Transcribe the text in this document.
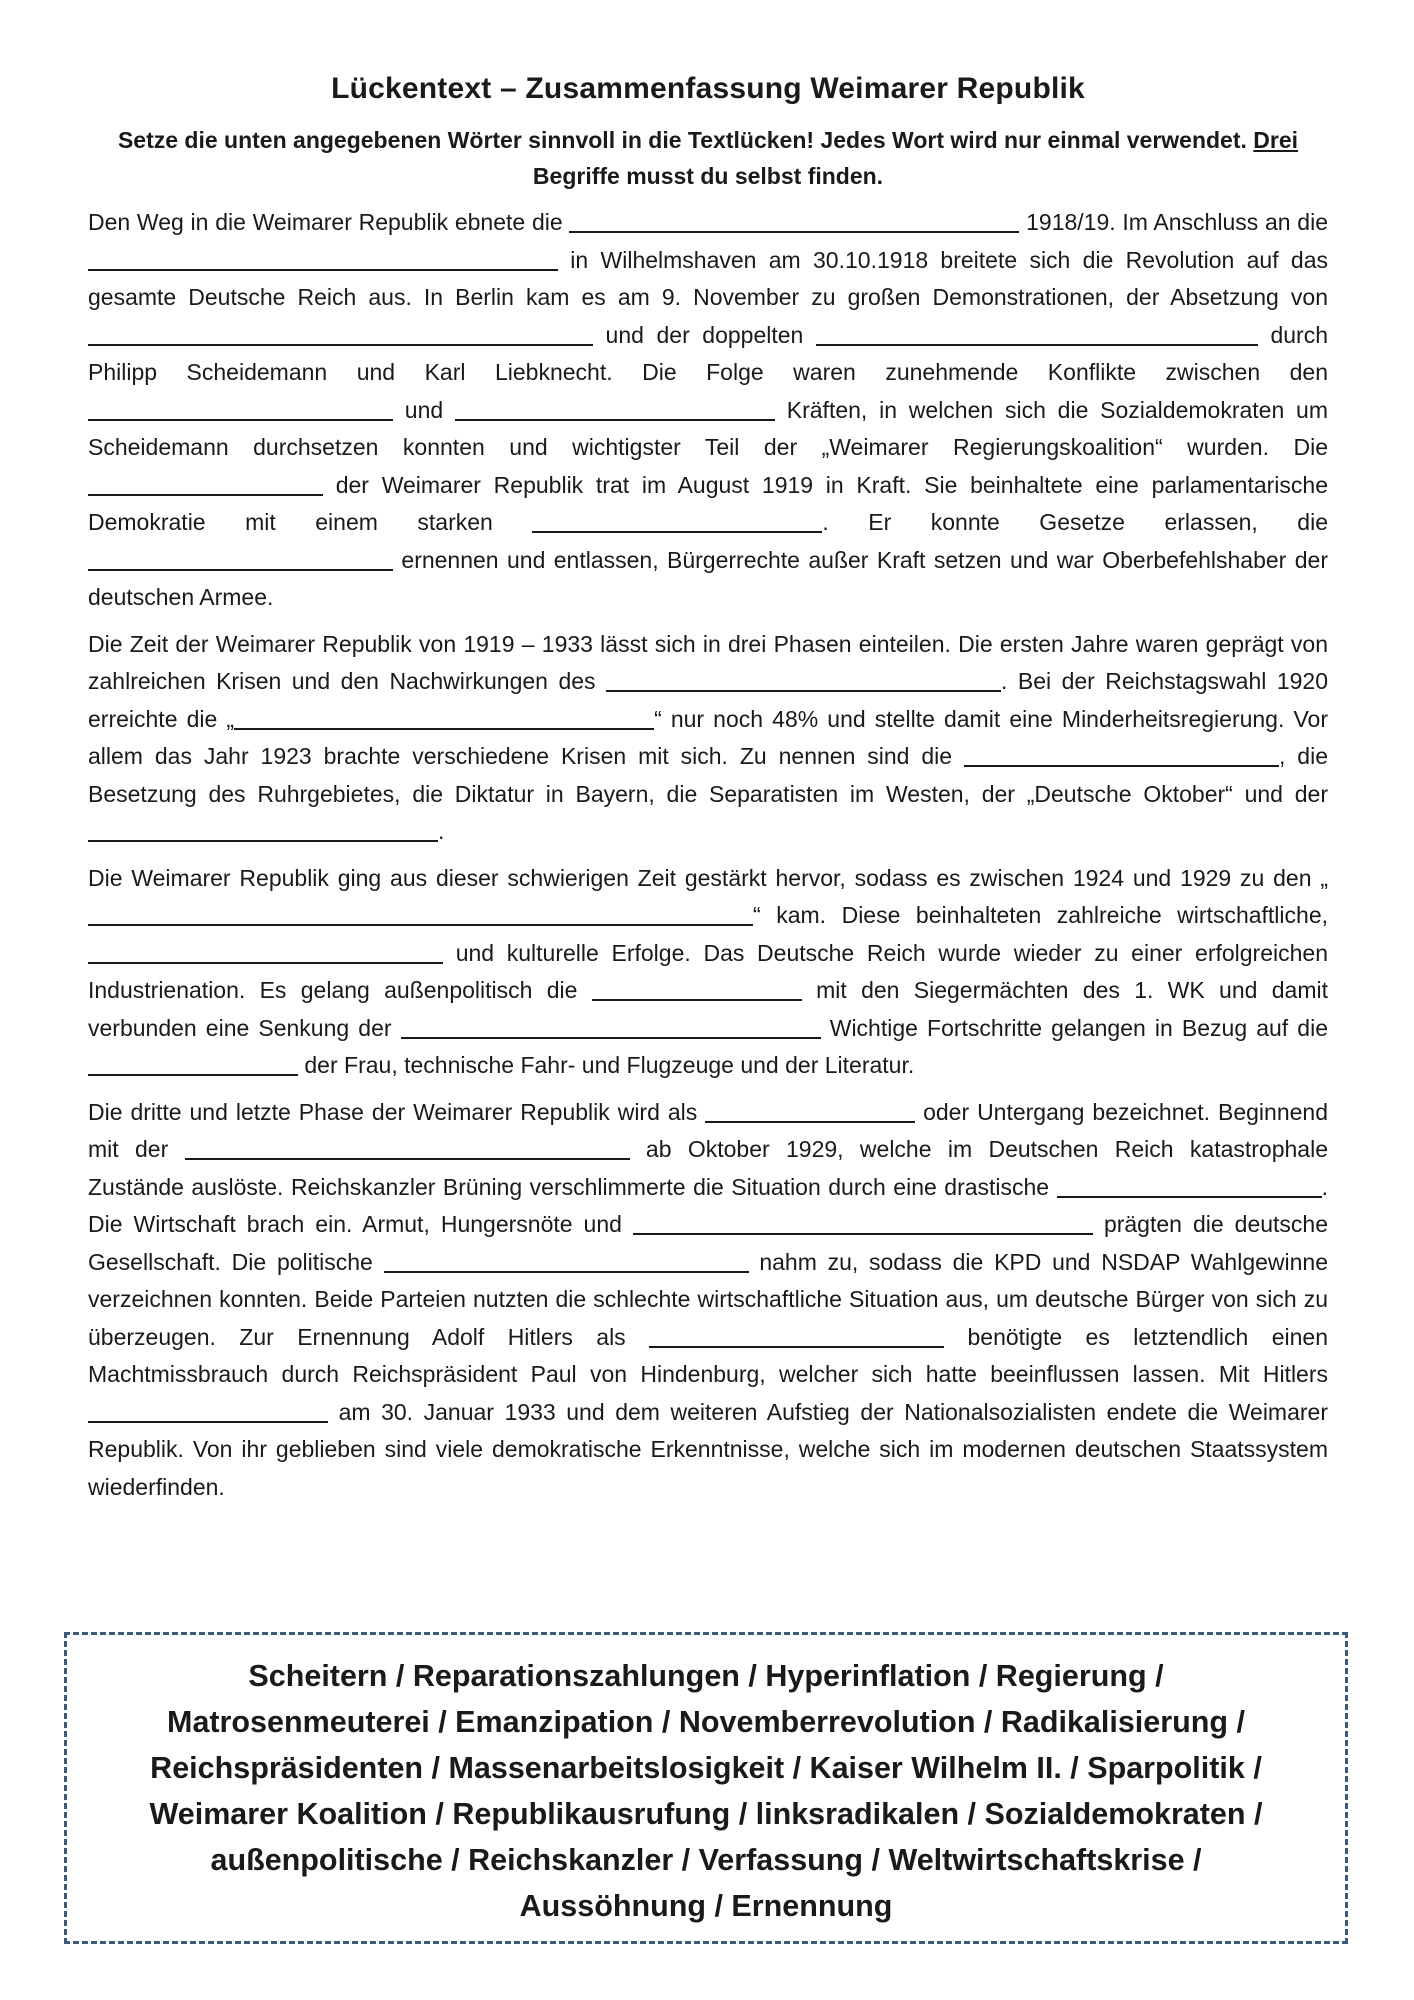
Lückentext – Zusammenfassung Weimarer Republik
Setze die unten angegebenen Wörter sinnvoll in die Textlücken! Jedes Wort wird nur einmal verwendet. Drei Begriffe musst du selbst finden.

Den Weg in die Weimarer Republik ebnete die	1918/19. Im Anschluss an die  in Wilhelmshaven am 30.10.1918 breitete sich die Revolution auf das gesamte Deutsche Reich aus. In Berlin kam es am 9. November zu großen Demonstrationen, der Absetzung von  und der doppelten	durch Philipp Scheidemann und Karl Liebknecht. Die Folge waren zunehmende Konflikte zwischen den  und	Kräften, in welchen sich die Sozialdemokraten um Scheidemann durchsetzen konnten und wichtigster Teil der „Weimarer Regierungskoalition“ wurden. Die  der Weimarer Republik trat im August 1919 in Kraft. Sie beinhaltete eine parlamentarische Demokratie mit einem starken	. Er konnte Gesetze erlassen, die  ernennen und entlassen, Bürgerrechte außer Kraft setzen und war Oberbefehlshaber der deutschen Armee.

Die Zeit der Weimarer Republik von 1919 – 1933 lässt sich in drei Phasen einteilen. Die ersten Jahre waren geprägt von zahlreichen Krisen und den Nachwirkungen des	. Bei der Reichstagswahl 1920 erreichte die „	“ nur noch 48% und stellte damit eine Minderheitsregierung. Vor allem das Jahr 1923 brachte verschiedene Krisen mit sich. Zu nennen sind die	, die Besetzung des Ruhrgebietes, die Diktatur in Bayern, die Separatisten im Westen, der „Deutsche Oktober“ und der .

Die Weimarer Republik ging aus dieser schwierigen Zeit gestärkt hervor, sodass es zwischen 1924 und 1929 zu den „“ kam. Diese beinhalteten zahlreiche wirtschaftliche,  und kulturelle Erfolge. Das Deutsche Reich wurde wieder zu einer erfolgreichen Industrienation. Es gelang außenpolitisch die	mit den Siegermächten des 1. WK und damit verbunden eine Senkung der	Wichtige Fortschritte gelangen in Bezug auf die  der Frau, technische Fahr- und Flugzeuge und der Literatur.

Die dritte und letzte Phase der Weimarer Republik wird als	oder Untergang bezeichnet. Beginnend mit der	ab Oktober 1929, welche im Deutschen Reich katastrophale Zustände auslöste. Reichskanzler Brüning verschlimmerte die Situation durch eine drastische	. Die Wirtschaft brach ein. Armut, Hungersnöte und	prägten die deutsche Gesellschaft. Die politische	nahm zu, sodass die KPD und NSDAP Wahlgewinne verzeichnen konnten. Beide Parteien nutzten die schlechte wirtschaftliche Situation aus, um deutsche Bürger von sich zu überzeugen. Zur Ernennung Adolf Hitlers als	benötigte es letztendlich einen Machtmissbrauch durch Reichspräsident Paul von Hindenburg, welcher sich hatte beeinflussen lassen. Mit Hitlers  am 30. Januar 1933 und dem weiteren Aufstieg der Nationalsozialisten endete die Weimarer Republik. Von ihr geblieben sind viele demokratische Erkenntnisse, welche sich im modernen deutschen Staatssystem wiederfinden.

Scheitern / Reparationszahlungen / Hyperinflation / Regierung /
Matrosenmeuterei / Emanzipation / Novemberrevolution / Radikalisierung /
Reichspräsidenten / Massenarbeitslosigkeit / Kaiser Wilhelm II. / Sparpolitik /
Weimarer Koalition / Republikausrufung / linksradikalen / Sozialdemokraten /
außenpolitische / Reichskanzler / Verfassung / Weltwirtschaftskrise /
Aussöhnung / Ernennung
